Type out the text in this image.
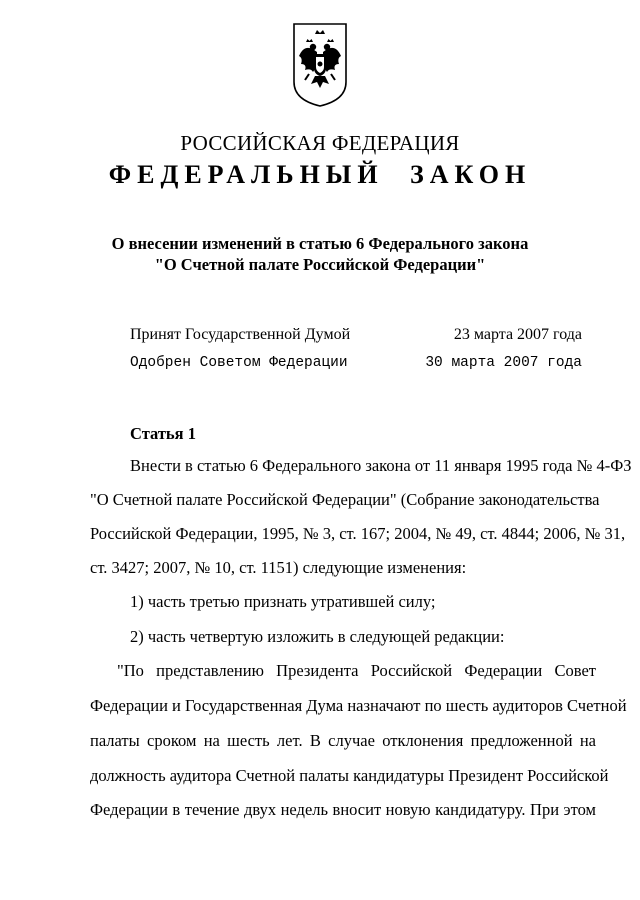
РОССИЙСКАЯ ФЕДЕРАЦИЯ
ФЕДЕРАЛЬНЫЙ ЗАКОН
О внесении изменений в статью 6 Федерального закона
"О Счетной палате Российской Федерации"
Принят Государственной Думой	23 марта 2007 года
Одобрен Советом Федерации	30 марта 2007 года
Статья 1
Внести в статью 6 Федерального закона от 11 января 1995 года № 4-ФЗ
"О Счетной палате Российской Федерации" (Собрание законодательства
Российской Федерации, 1995, № 3, ст. 167; 2004, № 49, ст. 4844; 2006, № 31,
ст. 3427; 2007, № 10, ст. 1151) следующие изменения:
1) часть третью признать утратившей силу;
2) часть четвертую изложить в следующей редакции:
"По представлению Президента Российской Федерации Совет
Федерации и Государственная Дума назначают по шесть аудиторов Счетной
палаты сроком на шесть лет. В случае отклонения предложенной на
должность аудитора Счетной палаты кандидатуры Президент Российской
Федерации в течение двух недель вносит новую кандидатуру. При этом
